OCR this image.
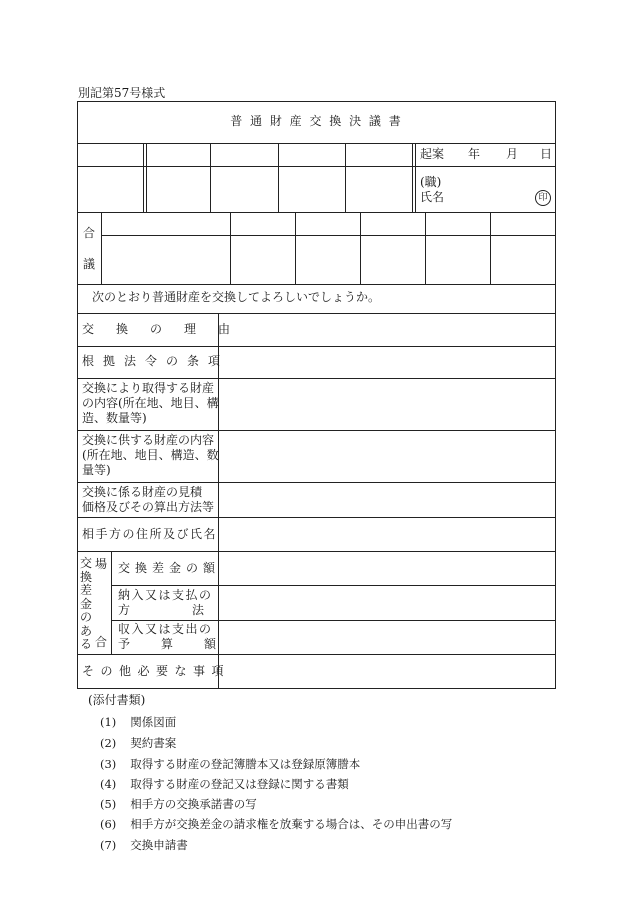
別記第57号様式
普 通 財 産 交 換 決 議 書
起案 年 月 日
(職)
氏名	印
合
議
次のとおり普通財産を交換してよろしいでしょうか。
交換の理由
根拠法令の条項
交換により取得する財産
の内容(所在地、地目、構
造、数量等)
交換に供する財産の内容
(所在地、地目、構造、数
量等)
交換に係る財産の見積
価格及びその算出方法等
相手方の住所及び氏名
交
換
差
金
の
あ
る
場
合
交換差金の額
納入又は支払の
方法
収入又は支出の
予算額
その他必要な事項
(添付書類)
(1) 関係図面
(2) 契約書案
(3) 取得する財産の登記簿謄本又は登録原簿謄本
(4) 取得する財産の登記又は登録に関する書類
(5) 相手方の交換承諾書の写
(6) 相手方が交換差金の請求権を放棄する場合は、その申出書の写
(7) 交換申請書
